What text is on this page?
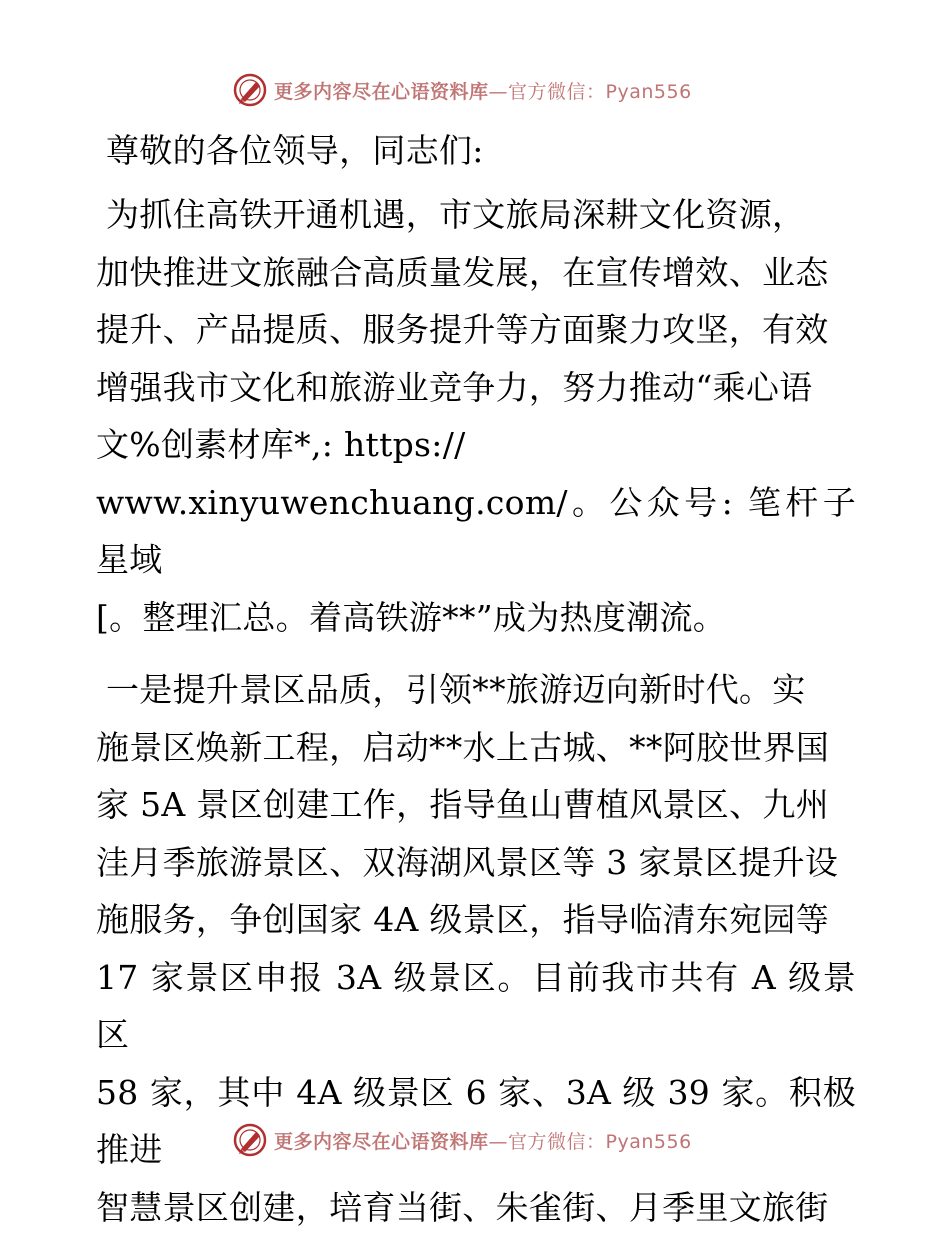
更多内容尽在心语资料库—官方微信：Pyan556

尊敬的各位领导，同志们:

为抓住高铁开通机遇，市文旅局深耕文化资源，
加快推进文旅融合高质量发展，在宣传增效、业态
提升、产品提质、服务提升等方面聚力攻坚，有效
增强我市文化和旅游业竞争力，努力推动“乘心语
文%创素材库*,: https://
www.xinyuwenchuang.com/。公众号: 笔杆子星域
[。整理汇总。着高铁游**”成为热度潮流。
一是提升景区品质，引领**旅游迈向新时代。实
施景区焕新工程，启动**水上古城、**阿胶世界国
家 5A 景区创建工作，指导鱼山曹植风景区、九州
洼月季旅游景区、双海湖风景区等 3 家景区提升设
施服务，争创国家 4A 级景区，指导临清东宛园等
17 家景区申报 3A 级景区。目前我市共有 A 级景区
58 家，其中 4A 级景区 6 家、3A 级 39 家。积极推进
智慧景区创建，培育当街、朱雀街、月季里文旅街
更多内容尽在心语资料库—官方微信：Pyan556
